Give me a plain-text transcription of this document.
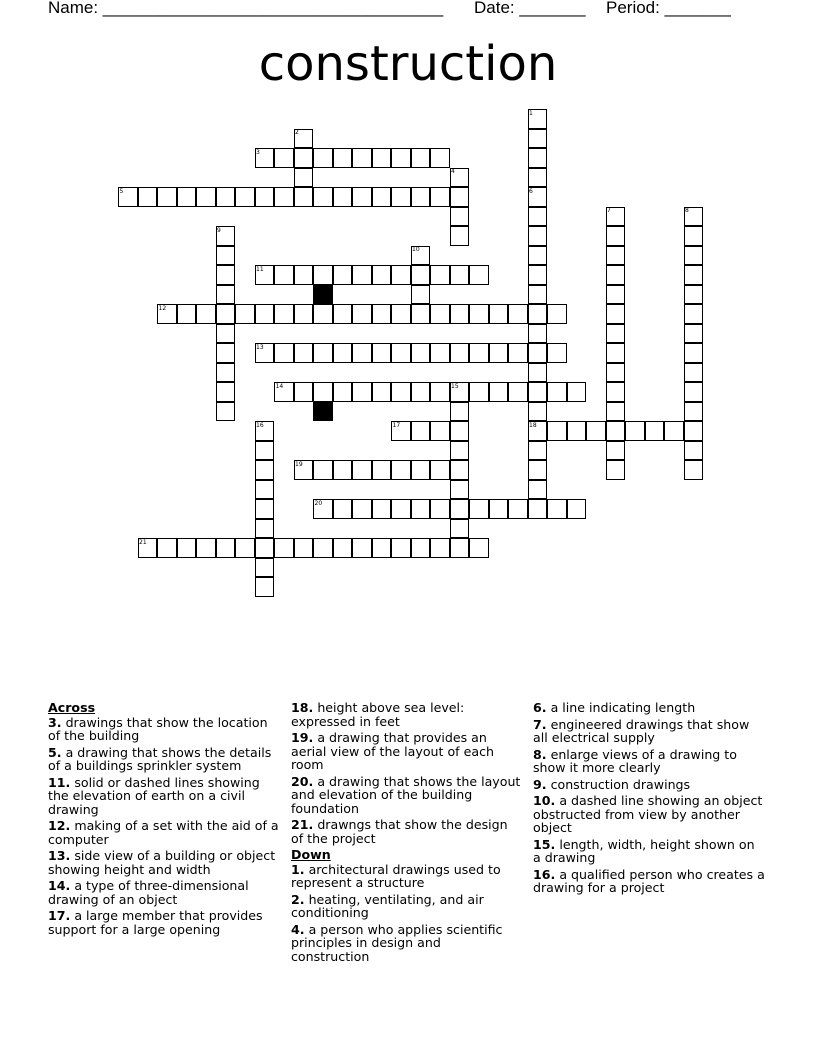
Name: ____________________________________ Date: _______ Period: _______
construction
1
2
3
4
5	6
7	8
9
10
11
12
13
14	15
16	17	18
19
20
21
Across
3. drawings that show the location of the building
5. a drawing that shows the details of a buildings sprinkler system
11. solid or dashed lines showing the elevation of earth on a civil drawing
12. making of a set with the aid of a computer
13. side view of a building or object showing height and width
14. a type of three-dimensional drawing of an object
17. a large member that provides support for a large opening
18. height above sea level: expressed in feet
19. a drawing that provides an aerial view of the layout of each room
20. a drawing that shows the layout and elevation of the building foundation
21. drawngs that show the design of the project
Down
1. architectural drawings used to represent a structure
2. heating, ventilating, and air conditioning
4. a person who applies scientific principles in design and construction
6. a line indicating length
7. engineered drawings that show all electrical supply
8. enlarge views of a drawing to show it more clearly
9. construction drawings
10. a dashed line showing an object obstructed from view by another object
15. length, width, height shown on a drawing
16. a qualified person who creates a drawing for a project
